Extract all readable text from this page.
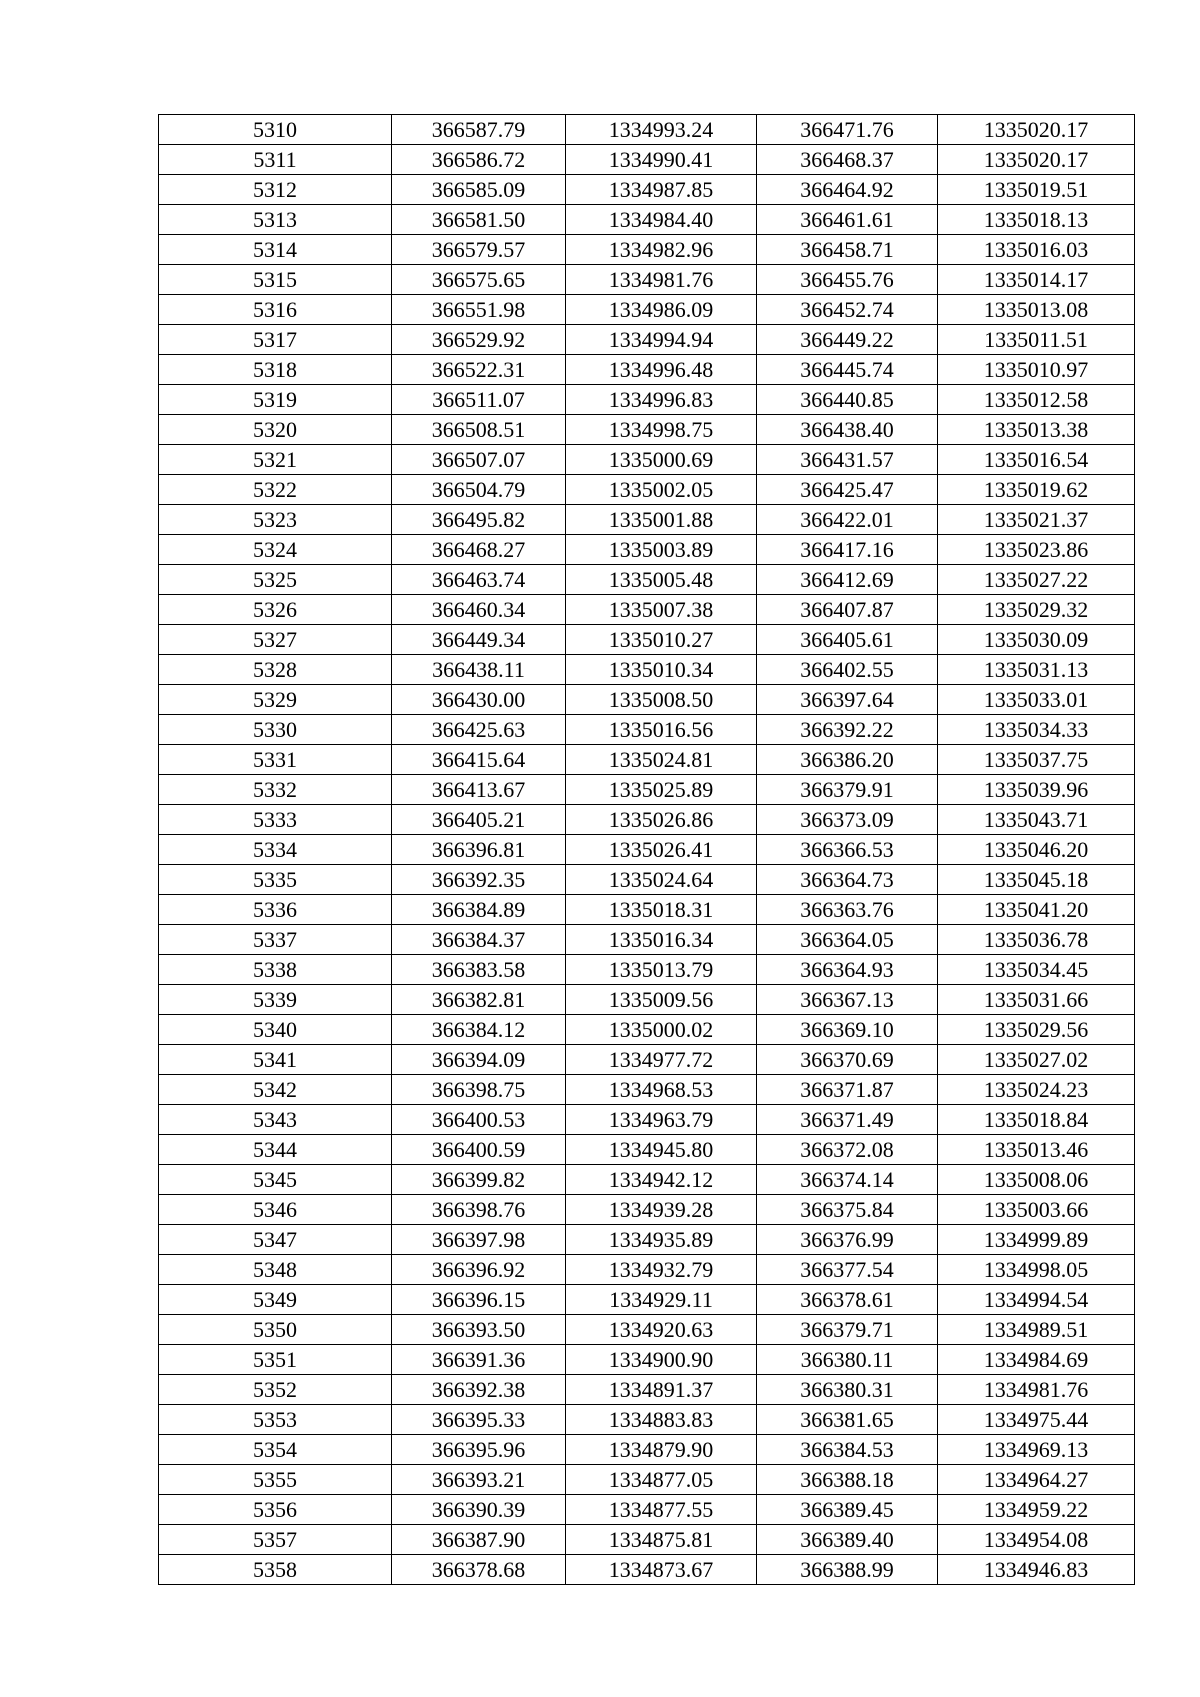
5310	366587.79	1334993.24	366471.76	1335020.17
5311	366586.72	1334990.41	366468.37	1335020.17
5312	366585.09	1334987.85	366464.92	1335019.51
5313	366581.50	1334984.40	366461.61	1335018.13
5314	366579.57	1334982.96	366458.71	1335016.03
5315	366575.65	1334981.76	366455.76	1335014.17
5316	366551.98	1334986.09	366452.74	1335013.08
5317	366529.92	1334994.94	366449.22	1335011.51
5318	366522.31	1334996.48	366445.74	1335010.97
5319	366511.07	1334996.83	366440.85	1335012.58
5320	366508.51	1334998.75	366438.40	1335013.38
5321	366507.07	1335000.69	366431.57	1335016.54
5322	366504.79	1335002.05	366425.47	1335019.62
5323	366495.82	1335001.88	366422.01	1335021.37
5324	366468.27	1335003.89	366417.16	1335023.86
5325	366463.74	1335005.48	366412.69	1335027.22
5326	366460.34	1335007.38	366407.87	1335029.32
5327	366449.34	1335010.27	366405.61	1335030.09
5328	366438.11	1335010.34	366402.55	1335031.13
5329	366430.00	1335008.50	366397.64	1335033.01
5330	366425.63	1335016.56	366392.22	1335034.33
5331	366415.64	1335024.81	366386.20	1335037.75
5332	366413.67	1335025.89	366379.91	1335039.96
5333	366405.21	1335026.86	366373.09	1335043.71
5334	366396.81	1335026.41	366366.53	1335046.20
5335	366392.35	1335024.64	366364.73	1335045.18
5336	366384.89	1335018.31	366363.76	1335041.20
5337	366384.37	1335016.34	366364.05	1335036.78
5338	366383.58	1335013.79	366364.93	1335034.45
5339	366382.81	1335009.56	366367.13	1335031.66
5340	366384.12	1335000.02	366369.10	1335029.56
5341	366394.09	1334977.72	366370.69	1335027.02
5342	366398.75	1334968.53	366371.87	1335024.23
5343	366400.53	1334963.79	366371.49	1335018.84
5344	366400.59	1334945.80	366372.08	1335013.46
5345	366399.82	1334942.12	366374.14	1335008.06
5346	366398.76	1334939.28	366375.84	1335003.66
5347	366397.98	1334935.89	366376.99	1334999.89
5348	366396.92	1334932.79	366377.54	1334998.05
5349	366396.15	1334929.11	366378.61	1334994.54
5350	366393.50	1334920.63	366379.71	1334989.51
5351	366391.36	1334900.90	366380.11	1334984.69
5352	366392.38	1334891.37	366380.31	1334981.76
5353	366395.33	1334883.83	366381.65	1334975.44
5354	366395.96	1334879.90	366384.53	1334969.13
5355	366393.21	1334877.05	366388.18	1334964.27
5356	366390.39	1334877.55	366389.45	1334959.22
5357	366387.90	1334875.81	366389.40	1334954.08
5358	366378.68	1334873.67	366388.99	1334946.83
